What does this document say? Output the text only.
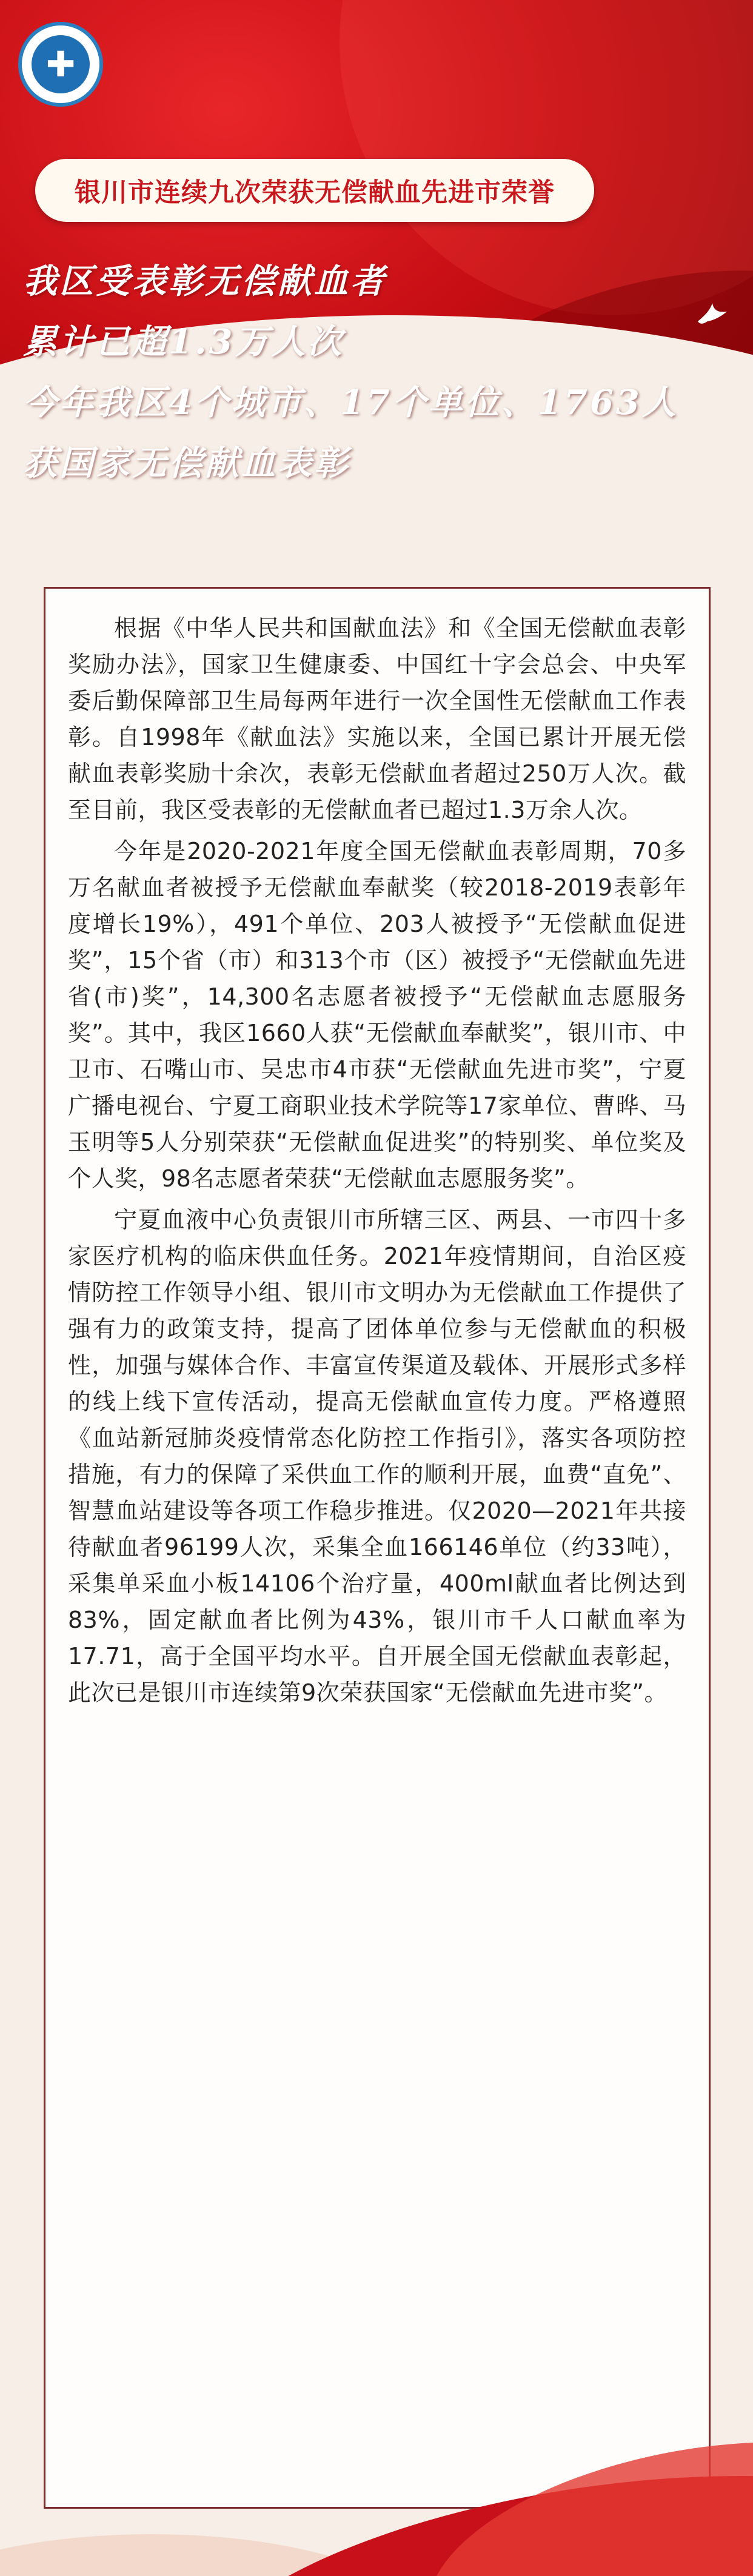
✚
银川市连续九次荣获无偿献血先进市荣誉
我区受表彰无偿献血者
累计已超1.3万人次
今年我区4个城市、17个单位、1763人
获国家无偿献血表彰

根据《中华人民共和国献血法》和《全国无偿献血表彰奖励办法》，国家卫生健康委、中国红十字会总会、中央军委后勤保障部卫生局每两年进行一次全国性无偿献血工作表彰。自1998年《献血法》实施以来，全国已累计开展无偿献血表彰奖励十余次，表彰无偿献血者超过250万人次。截至目前，我区受表彰的无偿献血者已超过1.3万余人次。

今年是2020-2021年度全国无偿献血表彰周期，70多万名献血者被授予无偿献血奉献奖（较2018-2019表彰年度增长19%），491个单位、203人被授予“无偿献血促进奖”，15个省（市）和313个市（区）被授予“无偿献血先进省(市)奖”，14,300名志愿者被授予“无偿献血志愿服务奖”。其中，我区1660人获“无偿献血奉献奖”，银川市、中卫市、石嘴山市、吴忠市4市获“无偿献血先进市奖”，宁夏广播电视台、宁夏工商职业技术学院等17家单位、曹晔、马玉明等5人分别荣获“无偿献血促进奖”的特别奖、单位奖及个人奖，98名志愿者荣获“无偿献血志愿服务奖”。

宁夏血液中心负责银川市所辖三区、两县、一市四十多家医疗机构的临床供血任务。2021年疫情期间，自治区疫情防控工作领导小组、银川市文明办为无偿献血工作提供了强有力的政策支持，提高了团体单位参与无偿献血的积极性，加强与媒体合作、丰富宣传渠道及载体、开展形式多样的线上线下宣传活动，提高无偿献血宣传力度。严格遵照《血站新冠肺炎疫情常态化防控工作指引》，落实各项防控措施，有力的保障了采供血工作的顺利开展，血费“直免”、智慧血站建设等各项工作稳步推进。仅2020—2021年共接待献血者96199人次，采集全血166146单位（约33吨），采集单采血小板14106个治疗量，400ml献血者比例达到83%，固定献血者比例为43%，银川市千人口献血率为17.71，高于全国平均水平。自开展全国无偿献血表彰起，此次已是银川市连续第9次荣获国家“无偿献血先进市奖”。
